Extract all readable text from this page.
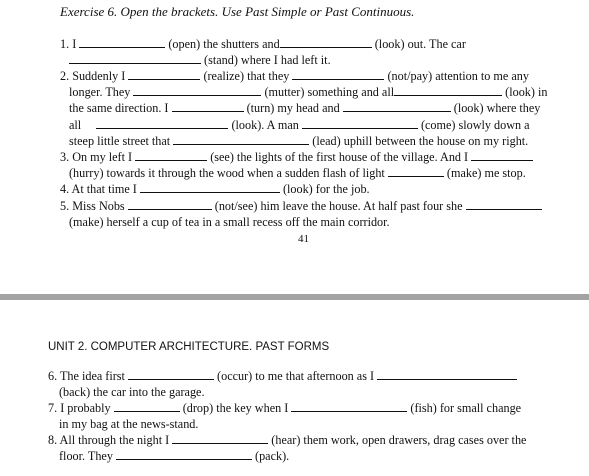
Exercise 6. Open the brackets. Use Past Simple or Past Continuous.
1. I	(open) the shutters and	(look) out. The car
(stand) where I had left it.
2. Suddenly I	(realize) that they	(not/pay) attention to me any
longer. They	(mutter) something and all	(look) in
the same direction. I	(turn) my head and	(look) where they
all	(look). A man	(come) slowly down a
steep little street that	(lead) uphill between the house on my right.
3. On my left I	(see) the lights of the first house of the village. And I
(hurry) towards it through the wood when a sudden flash of light	(make) me stop.
4. At that time I	(look) for the job.
5. Miss Nobs	(not/see) him leave the house. At half past four she
(make) herself a cup of tea in a small recess off the main corridor.
41
UNIT 2. COMPUTER ARCHITECTURE. PAST FORMS
6. The idea first	(occur) to me that afternoon as I
(back) the car into the garage.
7. I probably	(drop) the key when I	(fish) for small change
in my bag at the news-stand.
8. All through the night I	(hear) them work, open drawers, drag cases over the
floor. They	(pack).
